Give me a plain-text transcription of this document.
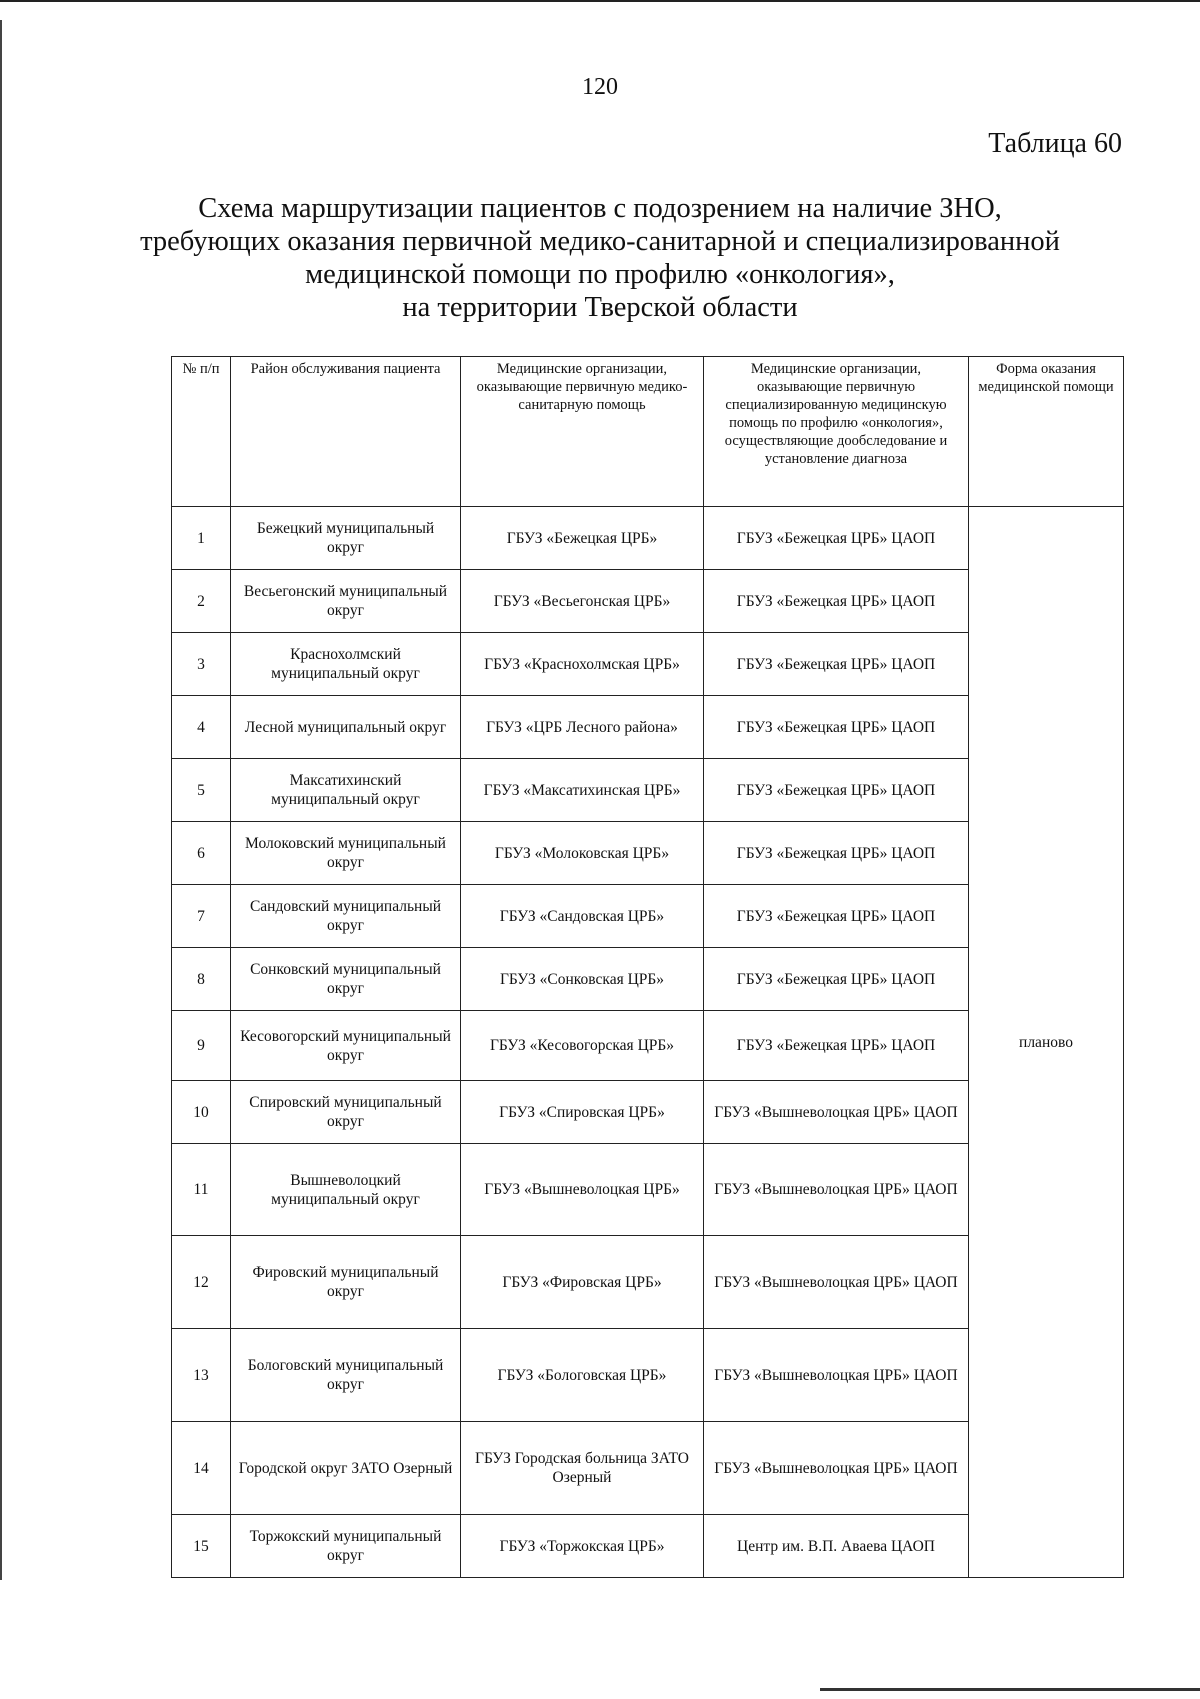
120
Таблица 60
Схема маршрутизации пациентов с подозрением на наличие ЗНО,
требующих оказания первичной медико-санитарной и специализированной
медицинской помощи по профилю «онкология»,
на территории Тверской области
№ п/п	Район обслуживания пациента	Медицинские организации, оказывающие первичную медико-санитарную помощь	Медицинские организации, оказывающие первичную специализированную медицинскую помощь по профилю «онкология», осуществляющие дообследование и установление диагноза	Форма оказания медицинской помощи
1	Бежецкий муниципальный округ	ГБУЗ «Бежецкая ЦРБ»	ГБУЗ «Бежецкая ЦРБ» ЦАОП	планово
2	Весьегонский муниципальный округ	ГБУЗ «Весьегонская ЦРБ»	ГБУЗ «Бежецкая ЦРБ» ЦАОП	
3	Краснохолмский муниципальный округ	ГБУЗ «Краснохолмская ЦРБ»	ГБУЗ «Бежецкая ЦРБ» ЦАОП	
4	Лесной муниципальный округ	ГБУЗ «ЦРБ Лесного района»	ГБУЗ «Бежецкая ЦРБ» ЦАОП	
5	Максатихинский муниципальный округ	ГБУЗ «Максатихинская ЦРБ»	ГБУЗ «Бежецкая ЦРБ» ЦАОП	
6	Молоковский муниципальный округ	ГБУЗ «Молоковская ЦРБ»	ГБУЗ «Бежецкая ЦРБ» ЦАОП	
7	Сандовский муниципальный округ	ГБУЗ «Сандовская ЦРБ»	ГБУЗ «Бежецкая ЦРБ» ЦАОП	
8	Сонковский муниципальный округ	ГБУЗ «Сонковская ЦРБ»	ГБУЗ «Бежецкая ЦРБ» ЦАОП	
9	Кесовогорский муниципальный округ	ГБУЗ «Кесовогорская ЦРБ»	ГБУЗ «Бежецкая ЦРБ» ЦАОП	
10	Спировский муниципальный округ	ГБУЗ «Спировская ЦРБ»	ГБУЗ «Вышневолоцкая ЦРБ» ЦАОП	
11	Вышневолоцкий муниципальный округ	ГБУЗ «Вышневолоцкая ЦРБ»	ГБУЗ «Вышневолоцкая ЦРБ» ЦАОП	
12	Фировский муниципальный округ	ГБУЗ «Фировская ЦРБ»	ГБУЗ «Вышневолоцкая ЦРБ» ЦАОП	
13	Бологовский муниципальный округ	ГБУЗ «Бологовская ЦРБ»	ГБУЗ «Вышневолоцкая ЦРБ» ЦАОП	
14	Городской округ ЗАТО Озерный	ГБУЗ Городская больница ЗАТО Озерный	ГБУЗ «Вышневолоцкая ЦРБ» ЦАОП	
15	Торжокский муниципальный округ	ГБУЗ «Торжокская ЦРБ»	Центр им. В.П. Аваева ЦАОП	
